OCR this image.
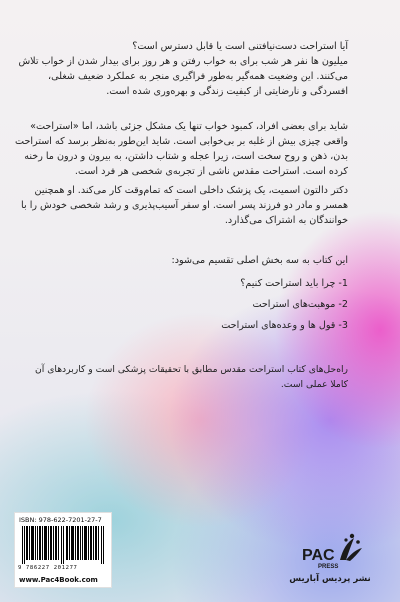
آیا استراحت دست‌نیافتنی است یا قابل دسترس است؟
میلیون ها نفر هر شب برای به خواب رفتن و هر روز برای بیدار شدن از خواب تلاش
می‌کنند. این وضعیت همه‌گیر به‌طور فراگیری منجر به عملکرد ضعیف شغلی،
افسردگی و نارضایتی از کیفیت زندگی و بهره‌وری شده است.
شاید برای بعضی افراد، کمبود خواب تنها یک مشکل جزئی باشد، اما «استراحت»
واقعی چیزی بیش از غلبه بر بی‌خوابی است. شاید این‌طور به‌نظر برسد که استراحت
بدن، ذهن و روح سخت است، زیرا عجله و شتاب داشتن، به بیرون و درون ما رخنه
کرده است. استراحت مقدس ناشی از تجربه‌ی شخصی هر فرد است.
دکتر دالتون اسمیت، یک پزشک داخلی است که تمام‌وقت کار می‌کند. او همچنین
همسر و مادر دو فرزند پسر است. او سفر آسیب‌پذیری و رشد شخصی خودش را با
خوانندگان به اشتراک می‌گذارد.
این کتاب به سه بخش اصلی تقسیم می‌شود:
1- چرا باید استراحت کنیم؟
2- موهبت‌های استراحت
3- قول ها و وعده‌های استراحت
راه‌حل‌های کتاب استراحت مقدس مطابق با تحقیقات پزشکی است و کاربردهای آن
کاملا عملی است.
ISBN: 978-622-7201-27-7
9 786227 201277
www.Pac4Book.com
PAC
PRESS
نشر پردیس آباریس
